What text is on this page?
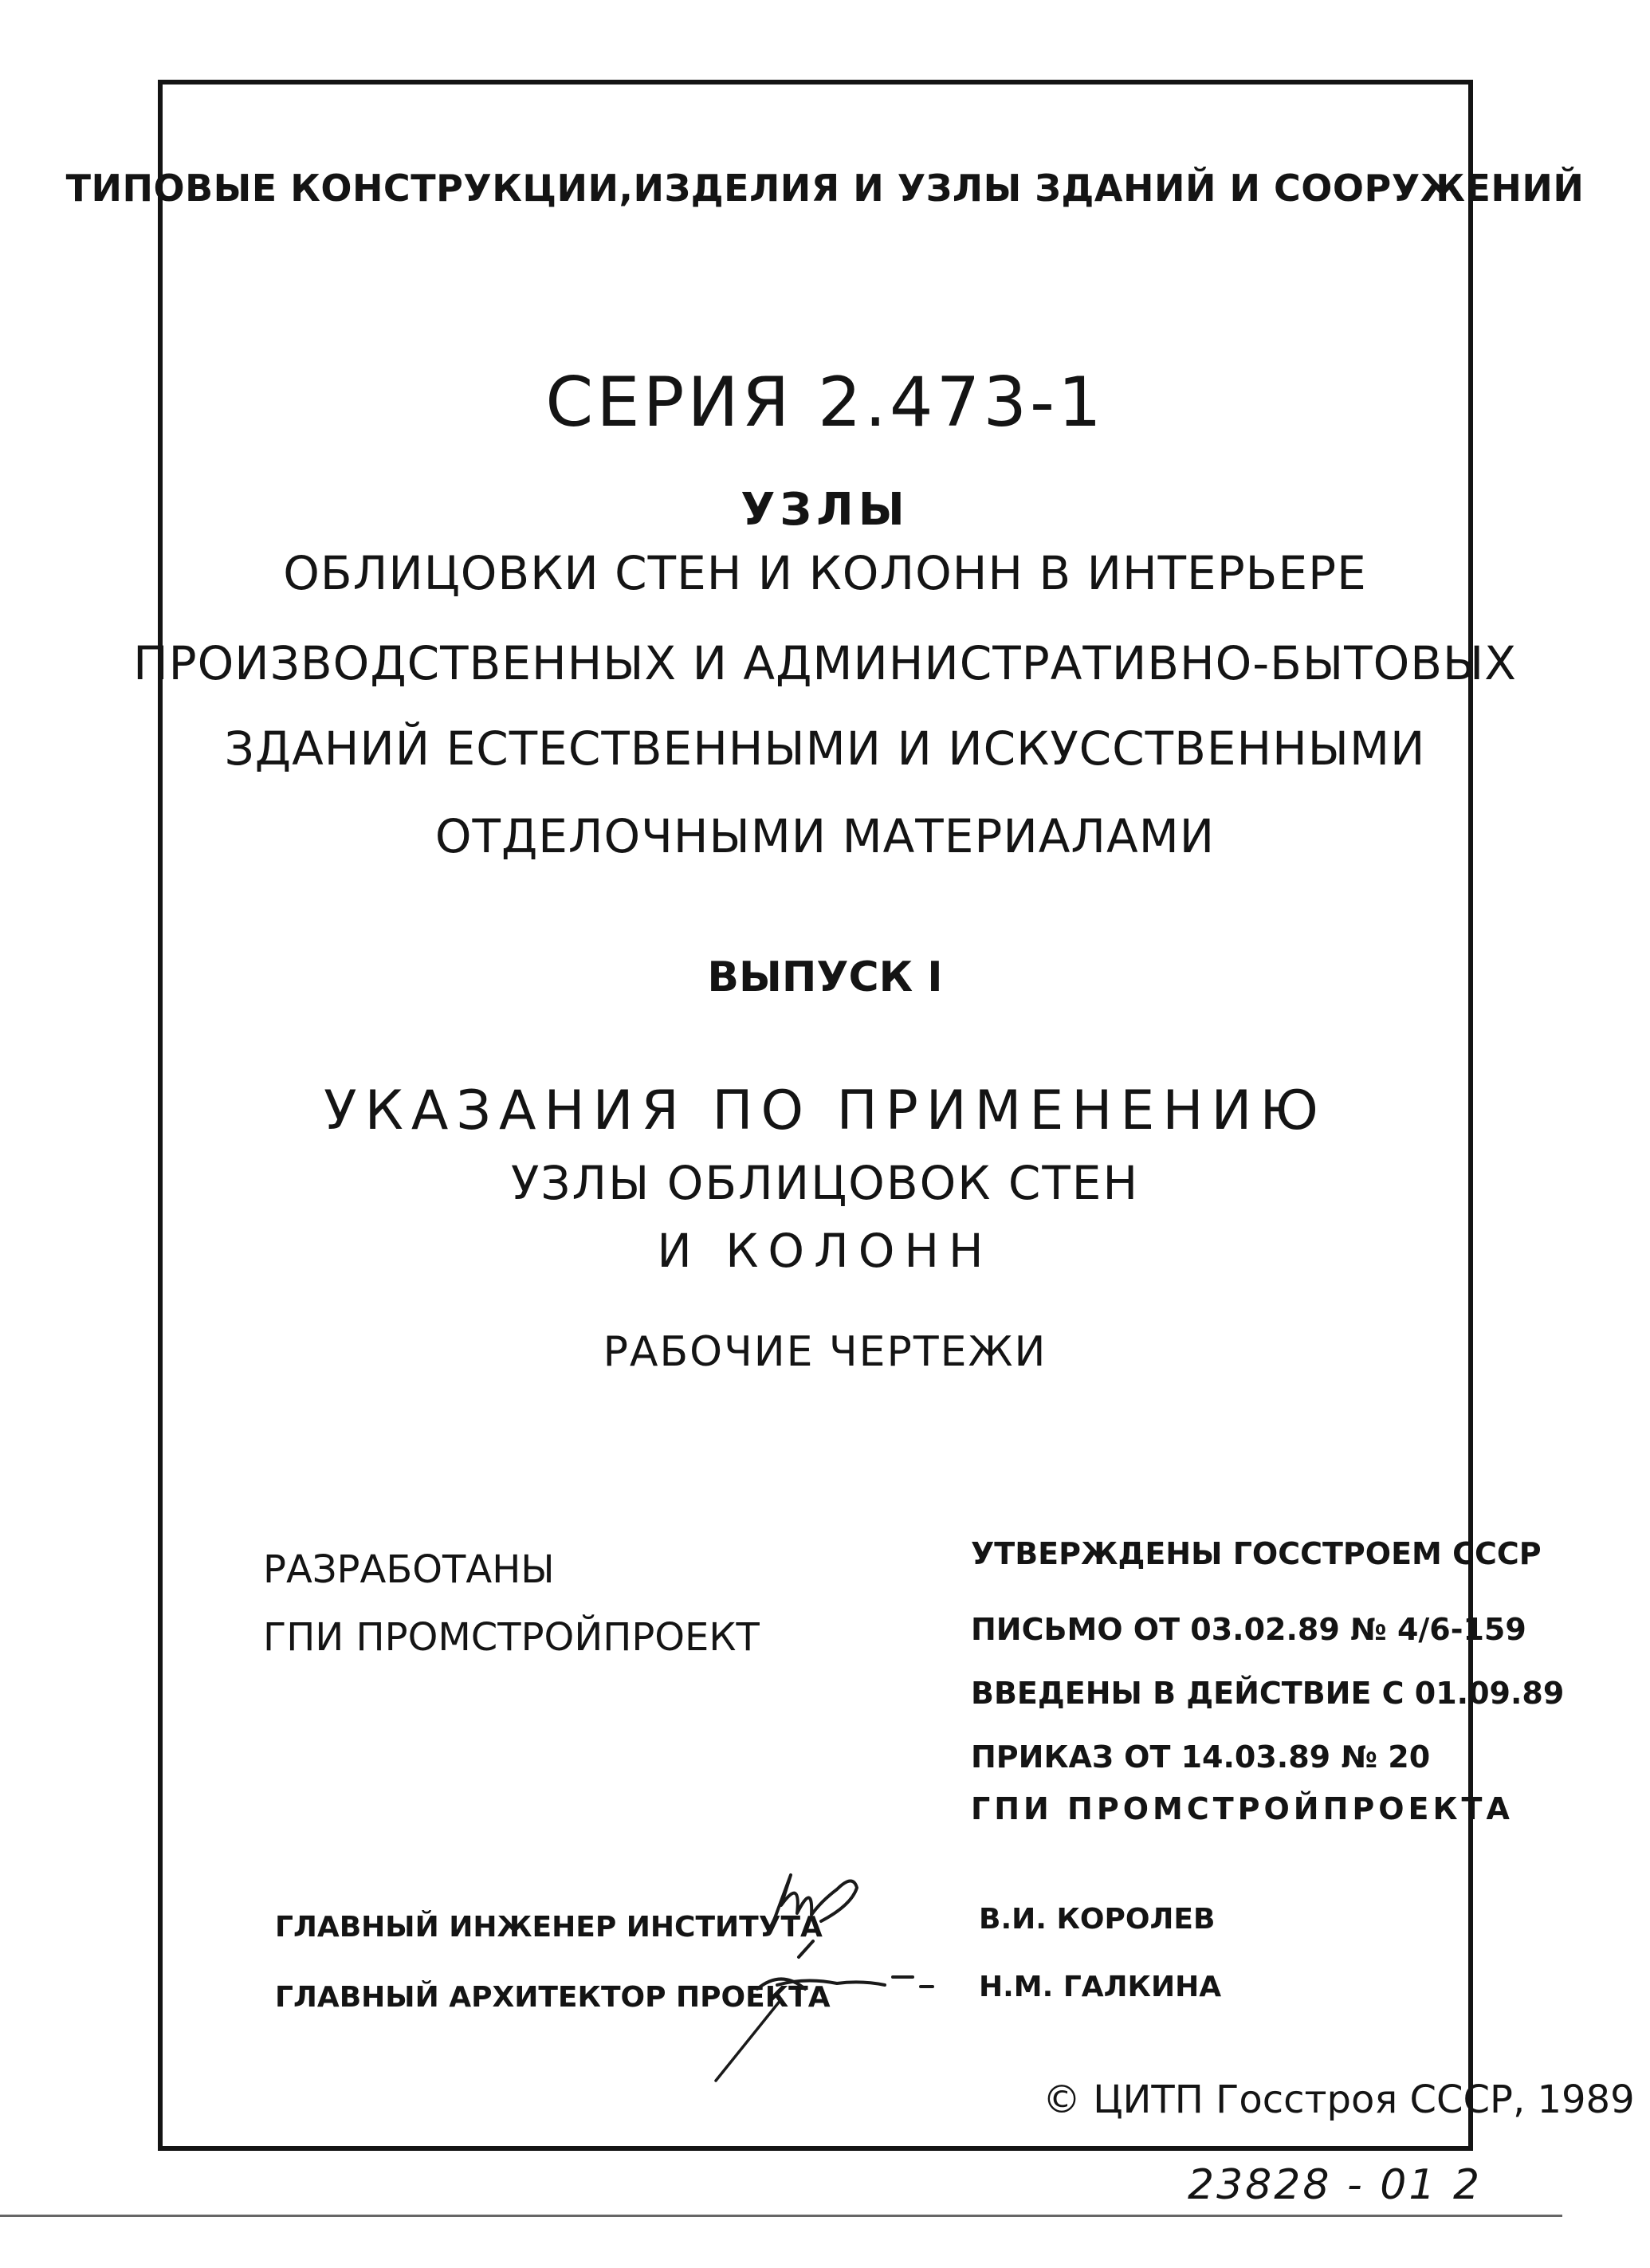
ТИПОВЫЕ КОНСТРУКЦИИ,ИЗДЕЛИЯ И УЗЛЫ ЗДАНИЙ И СООРУЖЕНИЙ
СЕРИЯ 2.473-1
УЗЛЫ
ОБЛИЦОВКИ СТЕН И КОЛОНН В ИНТЕРЬЕРЕ
ПРОИЗВОДСТВЕННЫХ И АДМИНИСТРАТИВНО-БЫТОВЫХ
ЗДАНИЙ ЕСТЕСТВЕННЫМИ И ИСКУССТВЕННЫМИ
ОТДЕЛОЧНЫМИ МАТЕРИАЛАМИ
ВЫПУСК I
УКАЗАНИЯ ПО ПРИМЕНЕНИЮ
УЗЛЫ ОБЛИЦОВОК СТЕН
И КОЛОНН
РАБОЧИЕ ЧЕРТЕЖИ
РАЗРАБОТАНЫ
ГПИ ПРОМСТРОЙПРОЕКТ
УТВЕРЖДЕНЫ ГОССТРОЕМ СССР
ПИСЬМО ОТ 03.02.89 № 4/6-159
ВВЕДЕНЫ В ДЕЙСТВИЕ С 01.09.89
ПРИКАЗ ОТ 14.03.89 № 20
ГПИ ПРОМСТРОЙПРОЕКТА
ГЛАВНЫЙ ИНЖЕНЕР ИНСТИТУТА
ГЛАВНЫЙ АРХИТЕКТОР ПРОЕКТА
В.И. КОРОЛЕВ
Н.М. ГАЛКИНА
© ЦИТП Госстроя СССР, 1989
23828 - 01 2
